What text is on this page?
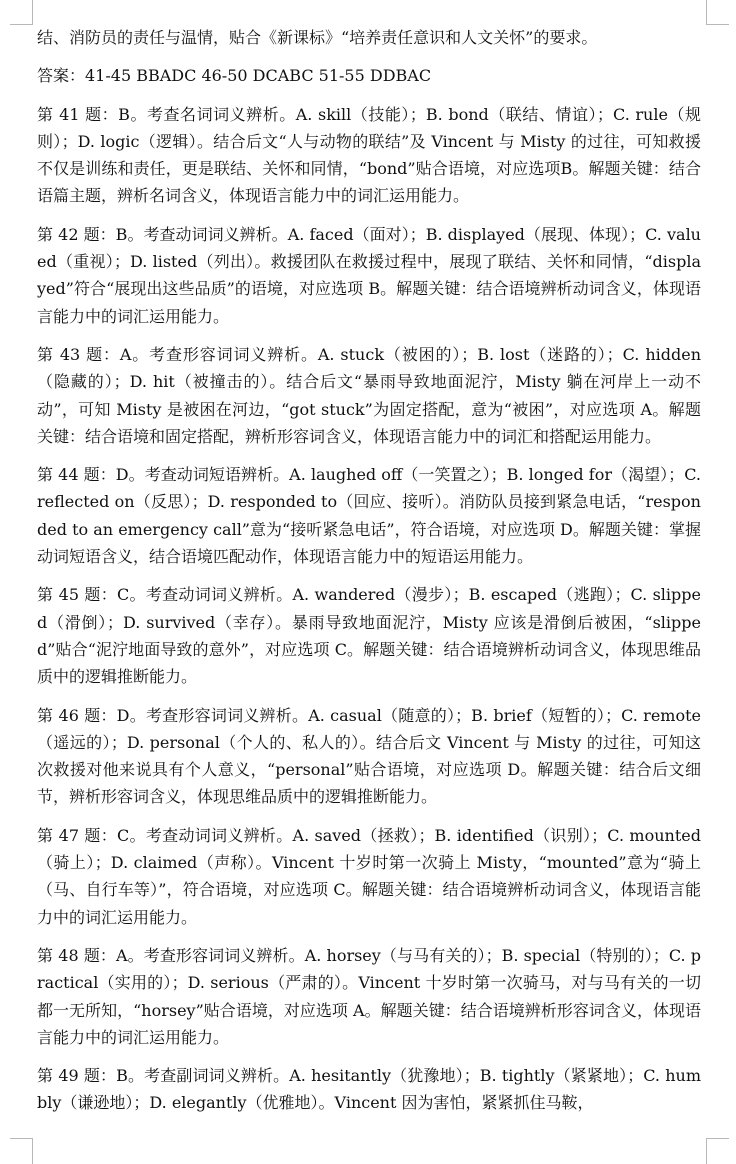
结、消防员的责任与温情，贴合《新课标》“培养责任意识和人文关怀”的要求。

答案：41-45 BBADC 46-50 DCABC 51-55 DDBAC

第 41 题：B。考查名词词义辨析。A. skill（技能）；B. bond（联结、情谊）；C. rule（规则）；D. logic（逻辑）。结合后文“人与动物的联结”及 Vincent 与 Misty 的过往，可知救援不仅是训练和责任，更是联结、关怀和同情，“bond”贴合语境，对应选项B。解题关键：结合语篇主题，辨析名词含义，体现语言能力中的词汇运用能力。

第 42 题：B。考查动词词义辨析。A. faced（面对）；B. displayed（展现、体现）；C. valued（重视）；D. listed（列出）。救援团队在救援过程中，展现了联结、关怀和同情，“displayed”符合“展现出这些品质”的语境，对应选项 B。解题关键：结合语境辨析动词含义，体现语言能力中的词汇运用能力。

第 43 题：A。考查形容词词义辨析。A. stuck（被困的）；B. lost（迷路的）；C. hidden（隐藏的）；D. hit（被撞击的）。结合后文“暴雨导致地面泥泞，Misty 躺在河岸上一动不动”，可知 Misty 是被困在河边，“got stuck”为固定搭配，意为“被困”，对应选项 A。解题关键：结合语境和固定搭配，辨析形容词含义，体现语言能力中的词汇和搭配运用能力。

第 44 题：D。考查动词短语辨析。A. laughed off（一笑置之）；B. longed for（渴望）；C. reflected on（反思）；D. responded to（回应、接听）。消防队员接到紧急电话，“responded to an emergency call”意为“接听紧急电话”，符合语境，对应选项 D。解题关键：掌握动词短语含义，结合语境匹配动作，体现语言能力中的短语运用能力。

第 45 题：C。考查动词词义辨析。A. wandered（漫步）；B. escaped（逃跑）；C. slipped（滑倒）；D. survived（幸存）。暴雨导致地面泥泞，Misty 应该是滑倒后被困，“slipped”贴合“泥泞地面导致的意外”，对应选项 C。解题关键：结合语境辨析动词含义，体现思维品质中的逻辑推断能力。

第 46 题：D。考查形容词词义辨析。A. casual（随意的）；B. brief（短暂的）；C. remote（遥远的）；D. personal（个人的、私人的）。结合后文 Vincent 与 Misty 的过往，可知这次救援对他来说具有个人意义，“personal”贴合语境，对应选项 D。解题关键：结合后文细节，辨析形容词含义，体现思维品质中的逻辑推断能力。

第 47 题：C。考查动词词义辨析。A. saved（拯救）；B. identified（识别）；C. mounted（骑上）；D. claimed（声称）。Vincent 十岁时第一次骑上 Misty，“mounted”意为“骑上（马、自行车等）”，符合语境，对应选项 C。解题关键：结合语境辨析动词含义，体现语言能力中的词汇运用能力。

第 48 题：A。考查形容词词义辨析。A. horsey（与马有关的）；B. special（特别的）；C. practical（实用的）；D. serious（严肃的）。Vincent 十岁时第一次骑马，对与马有关的一切都一无所知，“horsey”贴合语境，对应选项 A。解题关键：结合语境辨析形容词含义，体现语言能力中的词汇运用能力。

第 49 题：B。考查副词词义辨析。A. hesitantly（犹豫地）；B. tightly（紧紧地）；C. humbly（谦逊地）；D. elegantly（优雅地）。Vincent 因为害怕，紧紧抓住马鞍，
